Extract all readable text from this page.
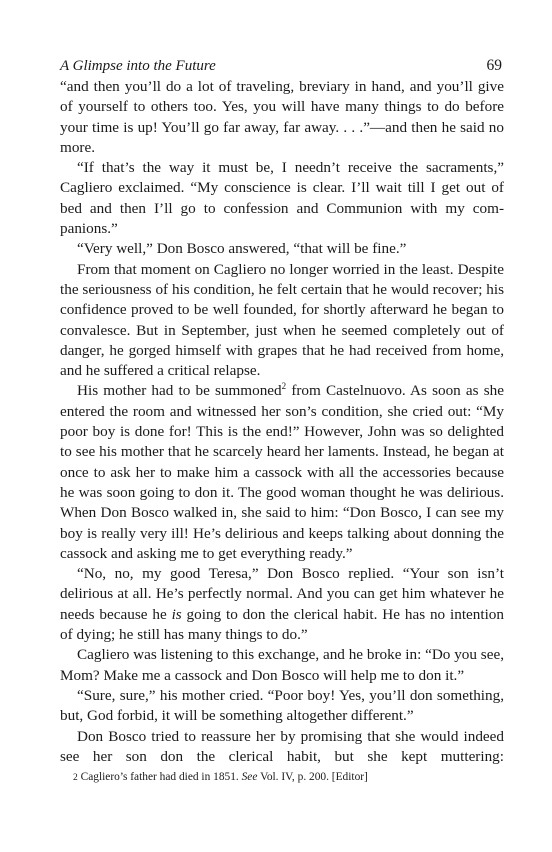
A Glimpse into the Future	69

“and then you’ll do a lot of traveling, breviary in hand, and you’ll give of yourself to others too. Yes, you will have many things to do before your time is up! You’ll go far away, far away. . . .”—and then he said no more.

“If that’s the way it must be, I needn’t receive the sacraments,” Cagliero exclaimed. “My conscience is clear. I’ll wait till I get out of bed and then I’ll go to confession and Communion with my companions.”

“Very well,” Don Bosco answered, “that will be fine.”

From that moment on Cagliero no longer worried in the least. Despite the seriousness of his condition, he felt certain that he would recover; his confidence proved to be well founded, for shortly afterward he began to convalesce. But in September, just when he seemed completely out of danger, he gorged himself with grapes that he had received from home, and he suffered a critical relapse.

His mother had to be summoned$^2$ from Castelnuovo. As soon as she entered the room and witnessed her son’s condition, she cried out: “My poor boy is done for! This is the end!” However, John was so delighted to see his mother that he scarcely heard her laments. Instead, he began at once to ask her to make him a cassock with all the accessories because he was soon going to don it. The good woman thought he was delirious. When Don Bosco walked in, she said to him: “Don Bosco, I can see my boy is really very ill! He’s delirious and keeps talking about donning the cassock and asking me to get everything ready.”

“No, no, my good Teresa,” Don Bosco replied. “Your son isn’t delirious at all. He’s perfectly normal. And you can get him whatever he needs because he is going to don the clerical habit. He has no intention of dying; he still has many things to do.”

Cagliero was listening to this exchange, and he broke in: “Do you see, Mom? Make me a cassock and Don Bosco will help me to don it.”

“Sure, sure,” his mother cried. “Poor boy! Yes, you’ll don something, but, God forbid, it will be something altogether different.”

Don Bosco tried to reassure her by promising that she would indeed see her son don the clerical habit, but she kept muttering:

2 Cagliero’s father had died in 1851. See Vol. IV, p. 200. [Editor]
